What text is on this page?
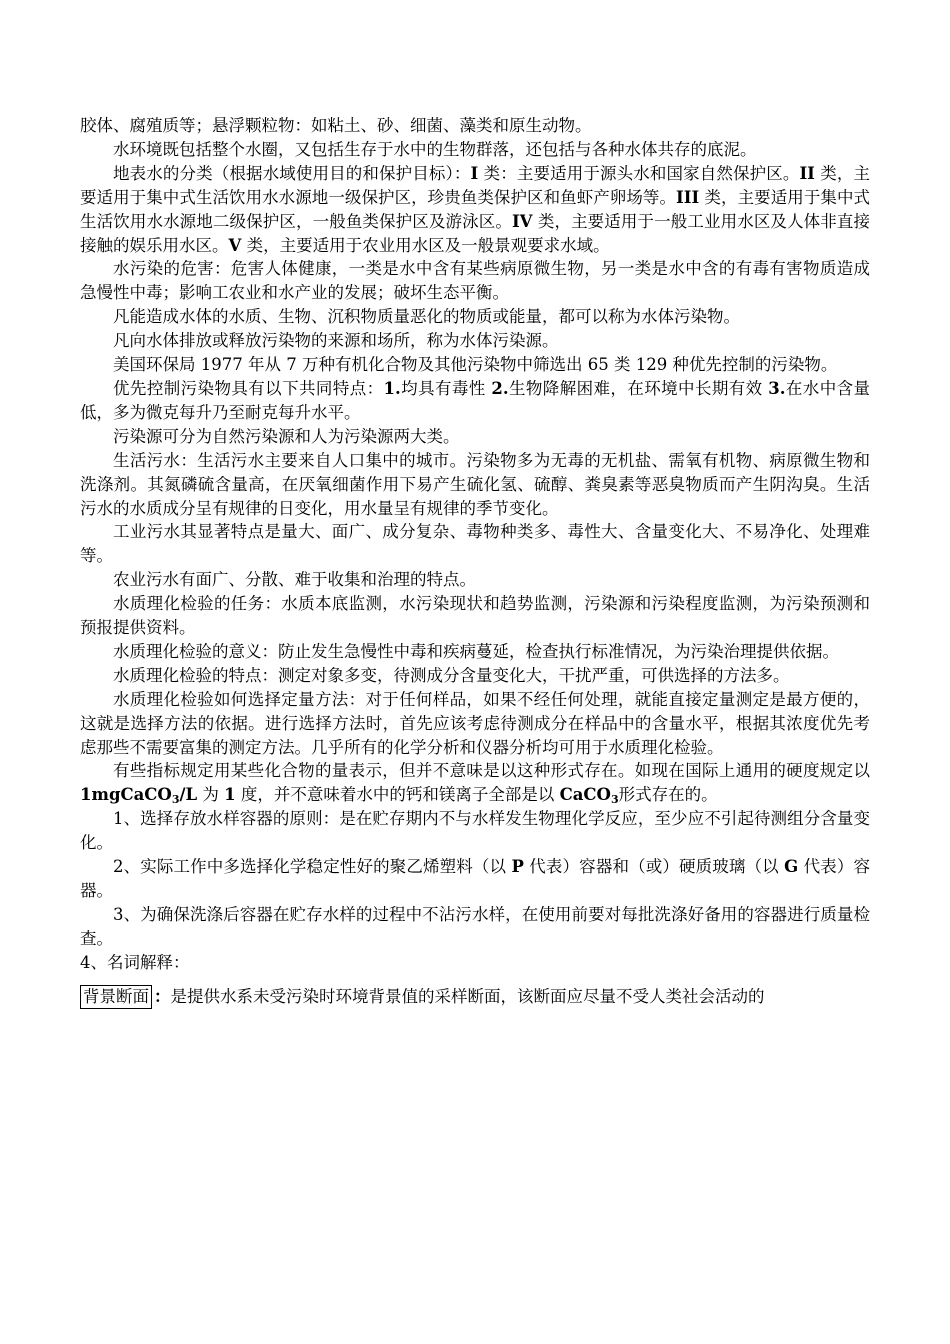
胶体、腐殖质等；悬浮颗粒物：如粘土、砂、细菌、藻类和原生动物。

水环境既包括整个水圈，又包括生存于水中的生物群落，还包括与各种水体共存的底泥。

地表水的分类（根据水域使用目的和保护目标）：I 类：主要适用于源头水和国家自然保护区。II 类，主要适用于集中式生活饮用水水源地一级保护区，珍贵鱼类保护区和鱼虾产卵场等。III 类，主要适用于集中式生活饮用水水源地二级保护区，一般鱼类保护区及游泳区。IV 类，主要适用于一般工业用水区及人体非直接接触的娱乐用水区。V 类，主要适用于农业用水区及一般景观要求水域。

水污染的危害：危害人体健康，一类是水中含有某些病原微生物，另一类是水中含的有毒有害物质造成急慢性中毒；影响工农业和水产业的发展；破坏生态平衡。

凡能造成水体的水质、生物、沉积物质量恶化的物质或能量，都可以称为水体污染物。

凡向水体排放或释放污染物的来源和场所，称为水体污染源。

美国环保局 1977 年从 7 万种有机化合物及其他污染物中筛选出 65 类 129 种优先控制的污染物。

优先控制污染物具有以下共同特点：1.均具有毒性 2.生物降解困难，在环境中长期有效 3.在水中含量低，多为微克每升乃至耐克每升水平。

污染源可分为自然污染源和人为污染源两大类。

生活污水：生活污水主要来自人口集中的城市。污染物多为无毒的无机盐、需氧有机物、病原微生物和洗涤剂。其氮磷硫含量高，在厌氧细菌作用下易产生硫化氢、硫醇、粪臭素等恶臭物质而产生阴沟臭。生活污水的水质成分呈有规律的日变化，用水量呈有规律的季节变化。

工业污水其显著特点是量大、面广、成分复杂、毒物种类多、毒性大、含量变化大、不易净化、处理难等。

农业污水有面广、分散、难于收集和治理的特点。

水质理化检验的任务：水质本底监测，水污染现状和趋势监测，污染源和污染程度监测，为污染预测和预报提供资料。

水质理化检验的意义：防止发生急慢性中毒和疾病蔓延，检查执行标准情况，为污染治理提供依据。

水质理化检验的特点：测定对象多变，待测成分含量变化大，干扰严重，可供选择的方法多。

水质理化检验如何选择定量方法：对于任何样品，如果不经任何处理，就能直接定量测定是最方便的，这就是选择方法的依据。进行选择方法时，首先应该考虑待测成分在样品中的含量水平，根据其浓度优先考虑那些不需要富集的测定方法。几乎所有的化学分析和仪器分析均可用于水质理化检验。

有些指标规定用某些化合物的量表示，但并不意味是以这种形式存在。如现在国际上通用的硬度规定以 1mgCaCO$_3$/L 为 1 度，并不意味着水中的钙和镁离子全部是以 CaCO$_3$形式存在的。

1、选择存放水样容器的原则：是在贮存期内不与水样发生物理化学反应，至少应不引起待测组分含量变化。

2、实际工作中多选择化学稳定性好的聚乙烯塑料（以 P 代表）容器和（或）硬质玻璃（以 G 代表）容器。

3、为确保洗涤后容器在贮存水样的过程中不沾污水样，在使用前要对每批洗涤好备用的容器进行质量检查。

4、名词解释：

背景断面 ：是提供水系未受污染时环境背景值的采样断面，该断面应尽量不受人类社会活动的
